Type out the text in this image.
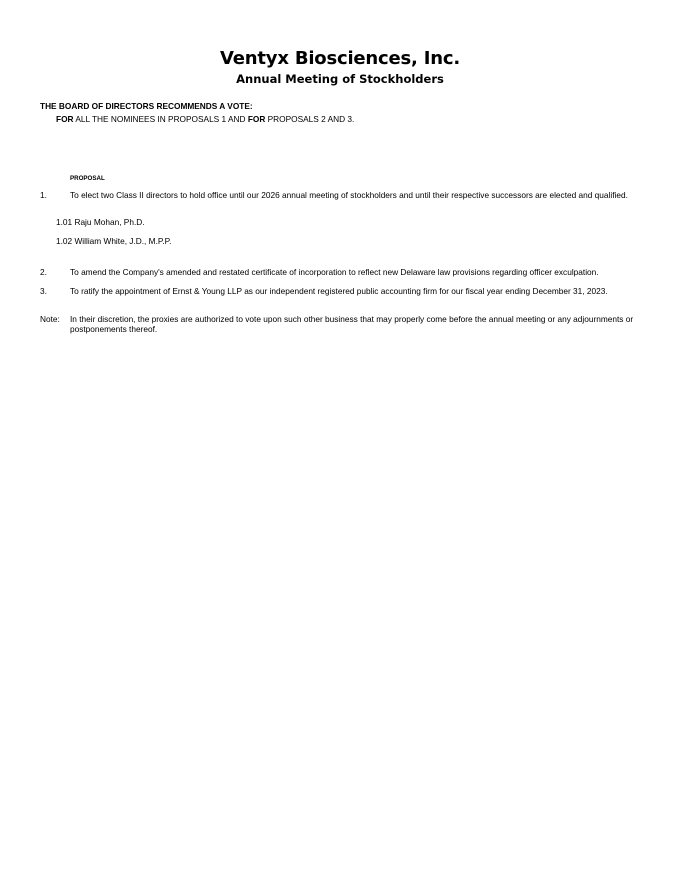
Ventyx Biosciences, Inc.
Annual Meeting of Stockholders
THE BOARD OF DIRECTORS RECOMMENDS A VOTE:
FOR ALL THE NOMINEES IN PROPOSALS 1 AND FOR PROPOSALS 2 AND 3.
PROPOSAL
1.	To elect two Class II directors to hold office until our 2026 annual meeting of stockholders and until their respective successors are elected and qualified.
1.01 Raju Mohan, Ph.D.
1.02 William White, J.D., M.P.P.
2.	To amend the Company's amended and restated certificate of incorporation to reflect new Delaware law provisions regarding officer exculpation.
3.	To ratify the appointment of Ernst & Young LLP as our independent registered public accounting firm for our fiscal year ending December 31, 2023.
Note: In their discretion, the proxies are authorized to vote upon such other business that may properly come before the annual meeting or any adjournments or postponements thereof.
